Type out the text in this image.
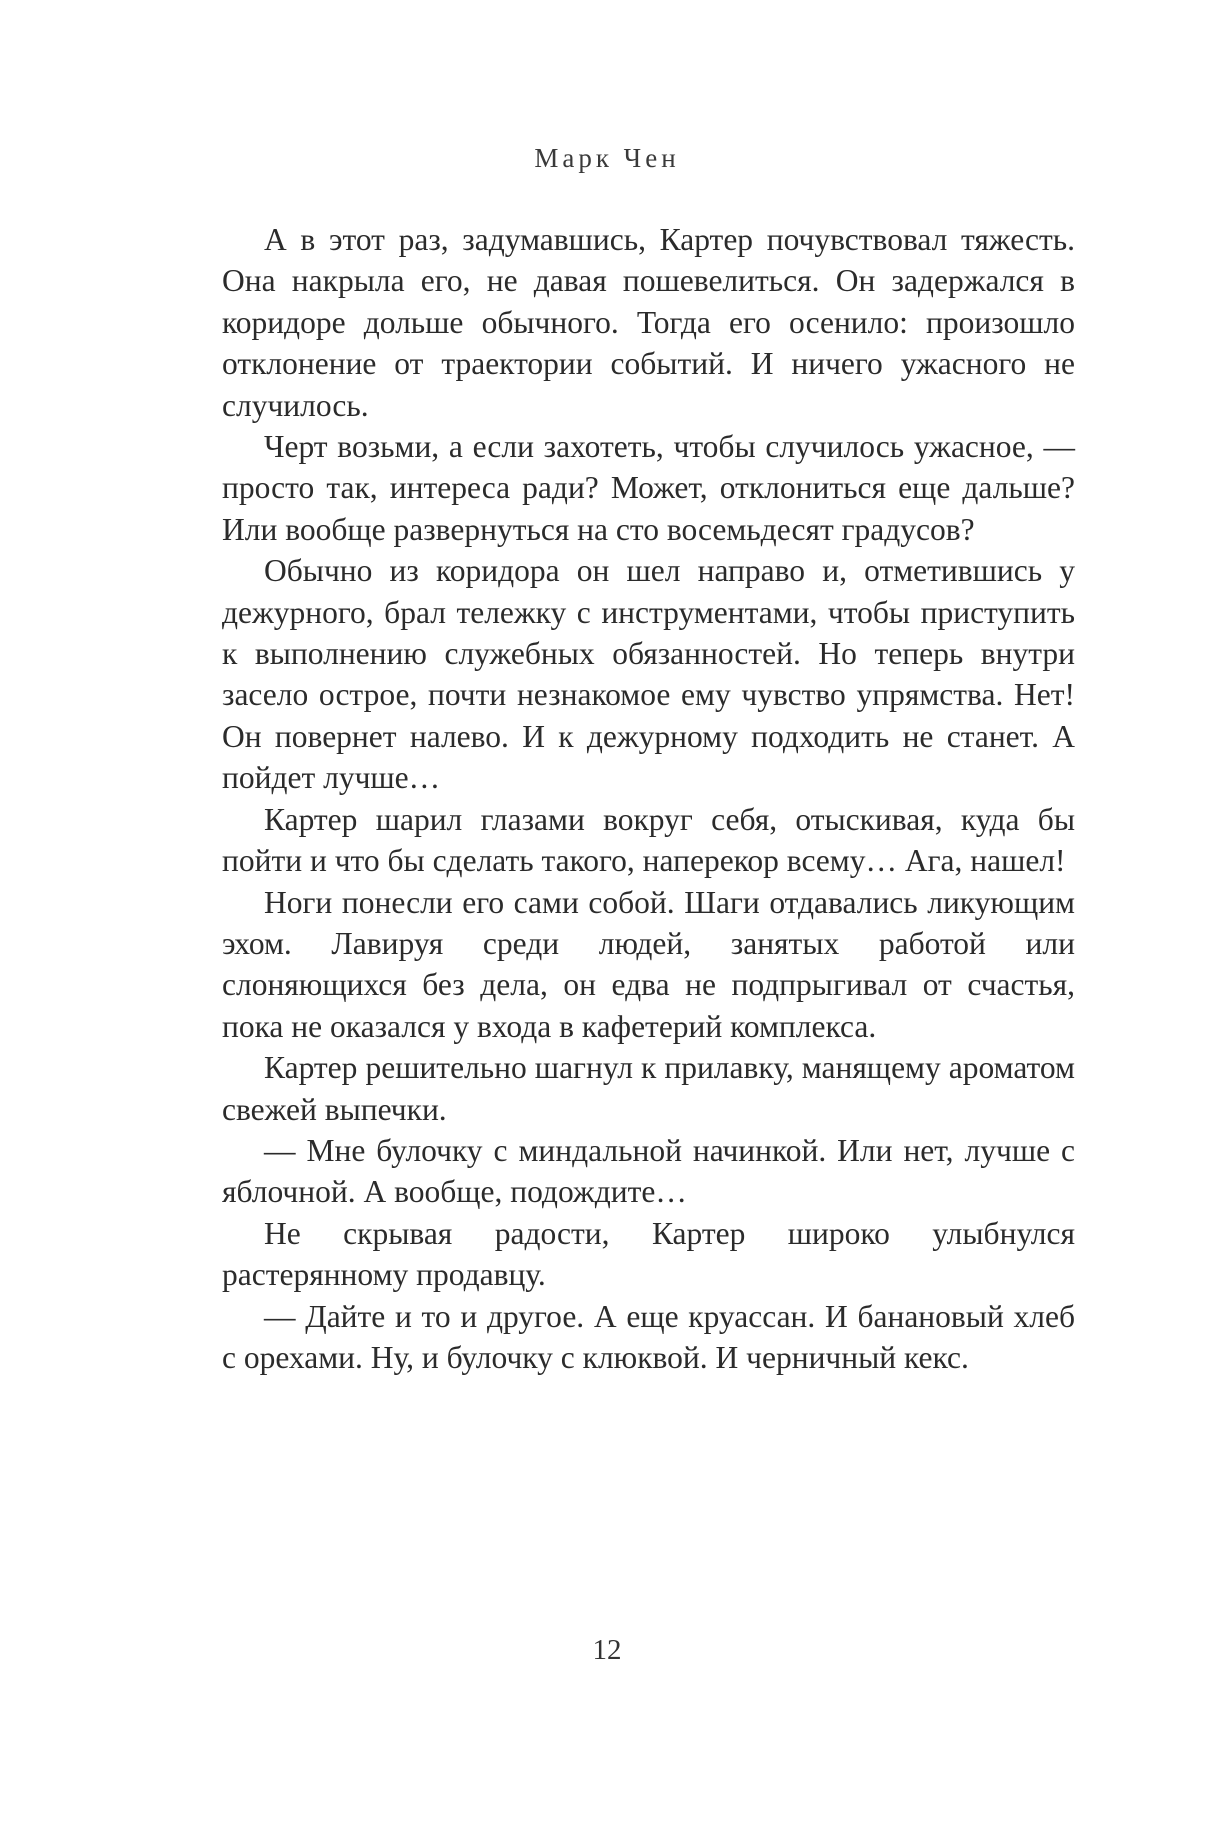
Марк Чен

А в этот раз, задумавшись, Картер почувствовал тяжесть. Она накрыла его, не давая пошевелиться. Он задержался в коридоре дольше обычного. Тогда его осенило: произошло отклонение от траектории событий. И ничего ужасного не случилось.

Черт возьми, а если захотеть, чтобы случилось ужасное, — просто так, интереса ради? Может, отклониться еще дальше? Или вообще развернуться на сто восемьдесят градусов?

Обычно из коридора он шел направо и, отметившись у дежурного, брал тележку с инструментами, чтобы приступить к выполнению служебных обязанностей. Но теперь внутри засело острое, почти незнакомое ему чувство упрямства. Нет! Он повернет налево. И к дежурному подходить не станет. А пойдет лучше…

Картер шарил глазами вокруг себя, отыскивая, куда бы пойти и что бы сделать такого, наперекор всему… Ага, нашел!

Ноги понесли его сами собой. Шаги отдавались ликующим эхом. Лавируя среди людей, занятых работой или слоняющихся без дела, он едва не подпрыгивал от счастья, пока не оказался у входа в кафетерий комплекса.

Картер решительно шагнул к прилавку, манящему ароматом свежей выпечки.

— Мне булочку с миндальной начинкой. Или нет, лучше с яблочной. А вообще, подождите…

Не скрывая радости, Картер широко улыбнулся растерянному продавцу.

— Дайте и то и другое. А еще круассан. И банановый хлеб с орехами. Ну, и булочку с клюквой. И черничный кекс.

12
